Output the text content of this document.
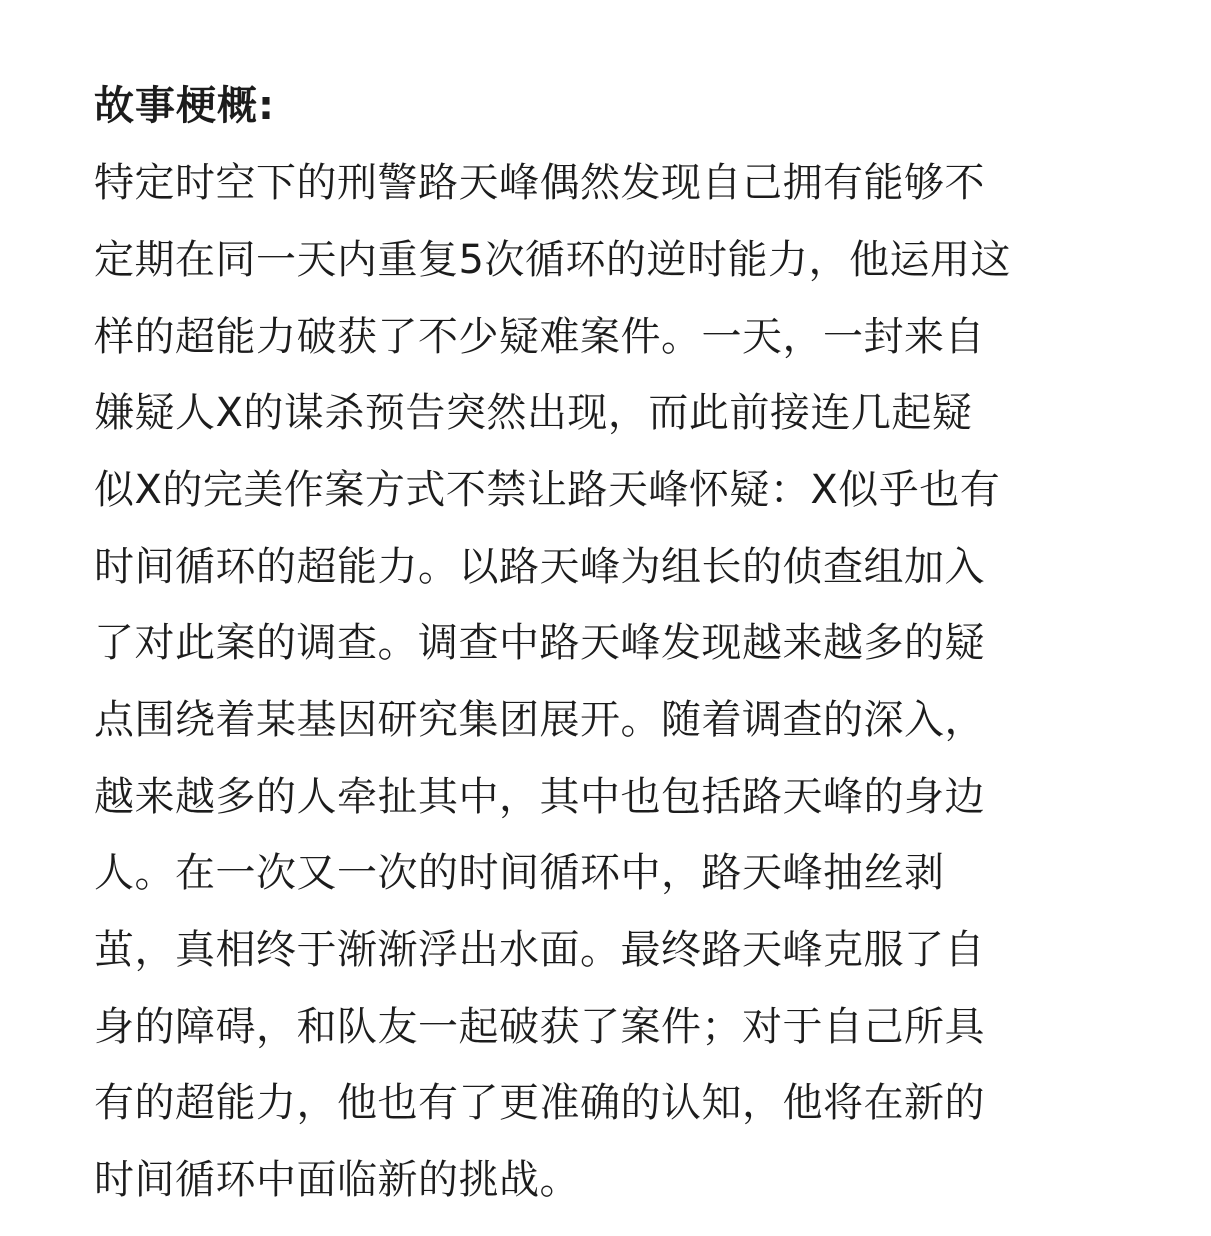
故事梗概:
特定时空下的刑警路天峰偶然发现自己拥有能够不
定期在同一天内重复5次循环的逆时能力，他运用这
样的超能力破获了不少疑难案件。一天，一封来自
嫌疑人X的谋杀预告突然出现，而此前接连几起疑
似X的完美作案方式不禁让路天峰怀疑：X似乎也有
时间循环的超能力。以路天峰为组长的侦查组加入
了对此案的调查。调查中路天峰发现越来越多的疑
点围绕着某基因研究集团展开。随着调查的深入，
越来越多的人牵扯其中，其中也包括路天峰的身边
人。在一次又一次的时间循环中，路天峰抽丝剥
茧，真相终于渐渐浮出水面。最终路天峰克服了自
身的障碍，和队友一起破获了案件；对于自己所具
有的超能力，他也有了更准确的认知，他将在新的
时间循环中面临新的挑战。
